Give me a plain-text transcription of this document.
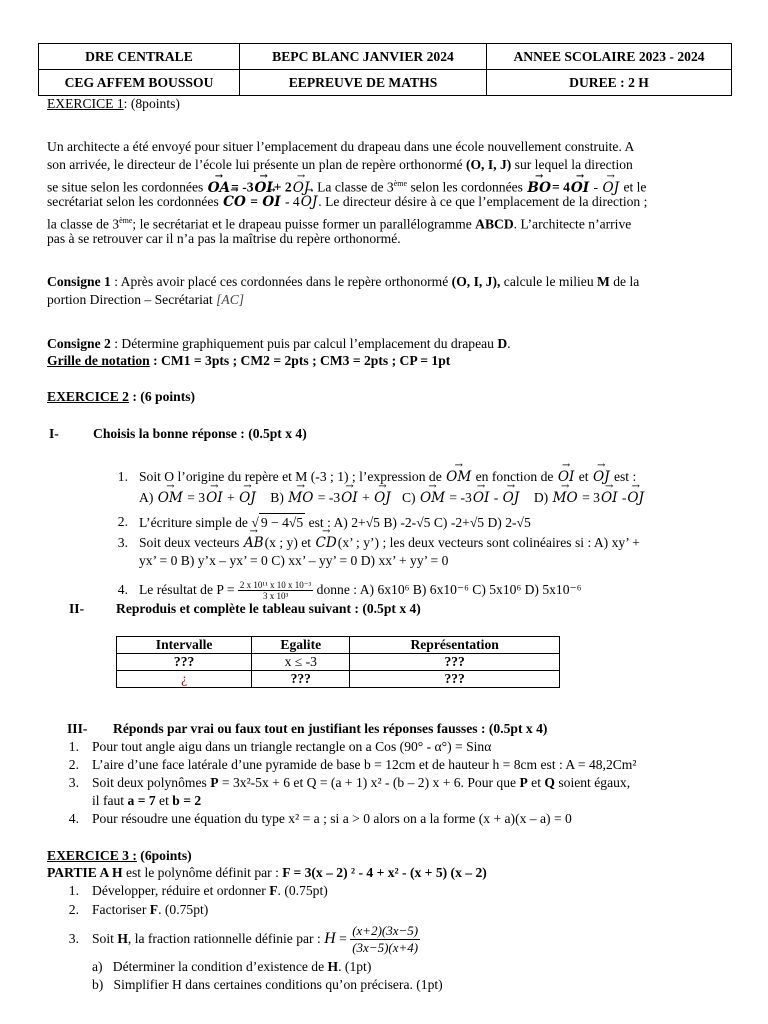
DRE CENTRALE	BEPC BLANC JANVIER 2024	ANNEE SCOLAIRE 2023 - 2024
CEG AFFEM BOUSSOU	EEPREUVE DE MATHS	DUREE : 2 H
EXERCICE 1: (8points)
Un architecte a été envoyé pour situer l’emplacement du drapeau dans une école nouvellement construite. A
son arrivée, le directeur de l’école lui présente un plan de repère orthonormé (O, I, J) sur lequel la direction
se situe selon les cordonnées → OA= -3→ OI+ 2→ OJ. La classe de 3ème selon les cordonnées → BO= 4→ OI - → OJ et le
secrétariat selon les cordonnées → CO = → OI - 4→ OJ. Le directeur désire à ce que l’emplacement de la direction ;
la classe de 3ème; le secrétariat et le drapeau puisse former un parallélogramme ABCD. L’architecte n’arrive
pas à se retrouver car il n’a pas la maîtrise du repère orthonormé.
Consigne 1 : Après avoir placé ces cordonnées dans le repère orthonormé (O, I, J), calcule le milieu M de la
portion Direction – Secrétariat [AC]
Consigne 2 : Détermine graphiquement puis par calcul l’emplacement du drapeau D.
Grille de notation : CM1 = 3pts ; CM2 = 2pts ; CM3 = 2pts ; CP = 1pt
EXERCICE 2 : (6 points)
I-	Choisis la bonne réponse : (0.5pt x 4)
1. Soit O l’origine du repère et M (-3 ; 1) ; l’expression de → OM en fonction de → OI et → OJ est :
A) → OM = 3→ OI + → OJ    B) → MO = -3→ OI + → OJ   C) → OM = -3→ OI - → OJ    D) → MO = 3→ OI -→ OJ
2. L’écriture simple de √ 9 − 4√5 est : A) 2+√5 B) -2-√5 C) -2+√5 D) 2-√5
3. Soit deux vecteurs → AB(x ; y) et → CD(x’ ; y’) ; les deux vecteurs sont colinéaires si : A) xy’ +
yx’ = 0 B) y’x – yx’ = 0 C) xx’ – yy’ = 0 D) xx’ + yy’ = 0
4. Le résultat de $P = \frac{\text{2 x 10¹¹ x 10 x 10⁻³}}{\text{3 x 10³}}$ donne : A) 6x10⁶ B) 6x10⁻⁶ C) 5x10⁶ D) 5x10⁻⁶
II- Reproduis et complète le tableau suivant : (0.5pt x 4)
Intervalle	Egalite	Représentation
???	x ≤ -3	???
¿	???	???
III- Réponds par vrai ou faux tout en justifiant les réponses fausses : (0.5pt x 4)
1. Pour tout angle aigu dans un triangle rectangle on a Cos (90° - α°) = Sinα
2. L’aire d’une face latérale d’une pyramide de base b = 12cm et de hauteur h = 8cm est : A = 48,2Cm²
3. Soit deux polynômes P = 3x²-5x + 6 et Q = (a + 1) x² - (b – 2) x + 6. Pour que P et Q soient égaux,
il faut a = 7 et b = 2
4. Pour résoudre une équation du type x² = a ; si a > 0 alors on a la forme (x + a)(x – a) = 0
EXERCICE 3 : (6points)
PARTIE A H est le polynôme définit par : F = 3(x – 2) ² - 4 + x² - (x + 5) (x – 2)
1. Développer, réduire et ordonner F. (0.75pt)
2. Factoriser F. (0.75pt)
3. Soit H, la fraction rationnelle définie par : $H = \frac{(x+2)(3x-5)}{(3x-5)(x+4)}$
a) Déterminer la condition d’existence de H. (1pt)
b) Simplifier H dans certaines conditions qu’on précisera. (1pt)
